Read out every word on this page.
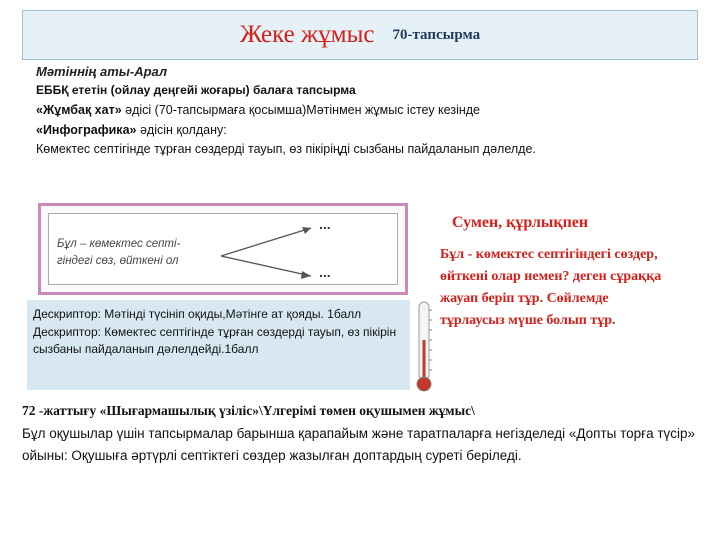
Жеке жұмыс 70-тапсырма
Мәтіннің аты-Арал
ЕББҚ ететін (ойлау деңгейі жоғары) балаға тапсырма
«Жұмбақ хат» әдісі (70-тапсырмаға қосымша)Мәтінмен жұмыс істеу кезінде
«Инфографика» әдісін қолдану:
Көмектес септігінде тұрған сөздерді тауып, өз пікіріңді сызбаны пайдаланып дәлелде.
Бұл – көмектес септі-
гіндегі сөз, өйткені ол
...
...
Сумен, құрлықпен
Бұл - көмектес септігіндегі сөздер, өйткені олар немен? деген сұраққа жауап беріп тұр. Сөйлемде тұрлаусыз мүше болып тұр.
Дескриптор: Мәтінді түсініп оқиды,Мәтінге ат қояды. 1балл
Дескриптор: Көмектес септігінде тұрған сөздерді тауып, өз пікірін сызбаны пайдаланып дәлелдейді.1балл
72 -жаттығу «Шығармашылық үзіліс»\Үлгерімі төмен оқушымен жұмыс\
Бұл оқушылар үшін тапсырмалар барынша қарапайым және таратпаларға негізделеді «Допты торға түсір» ойыны: Оқушыға әртүрлі септіктегі сөздер жазылған доптардың суреті беріледі.
